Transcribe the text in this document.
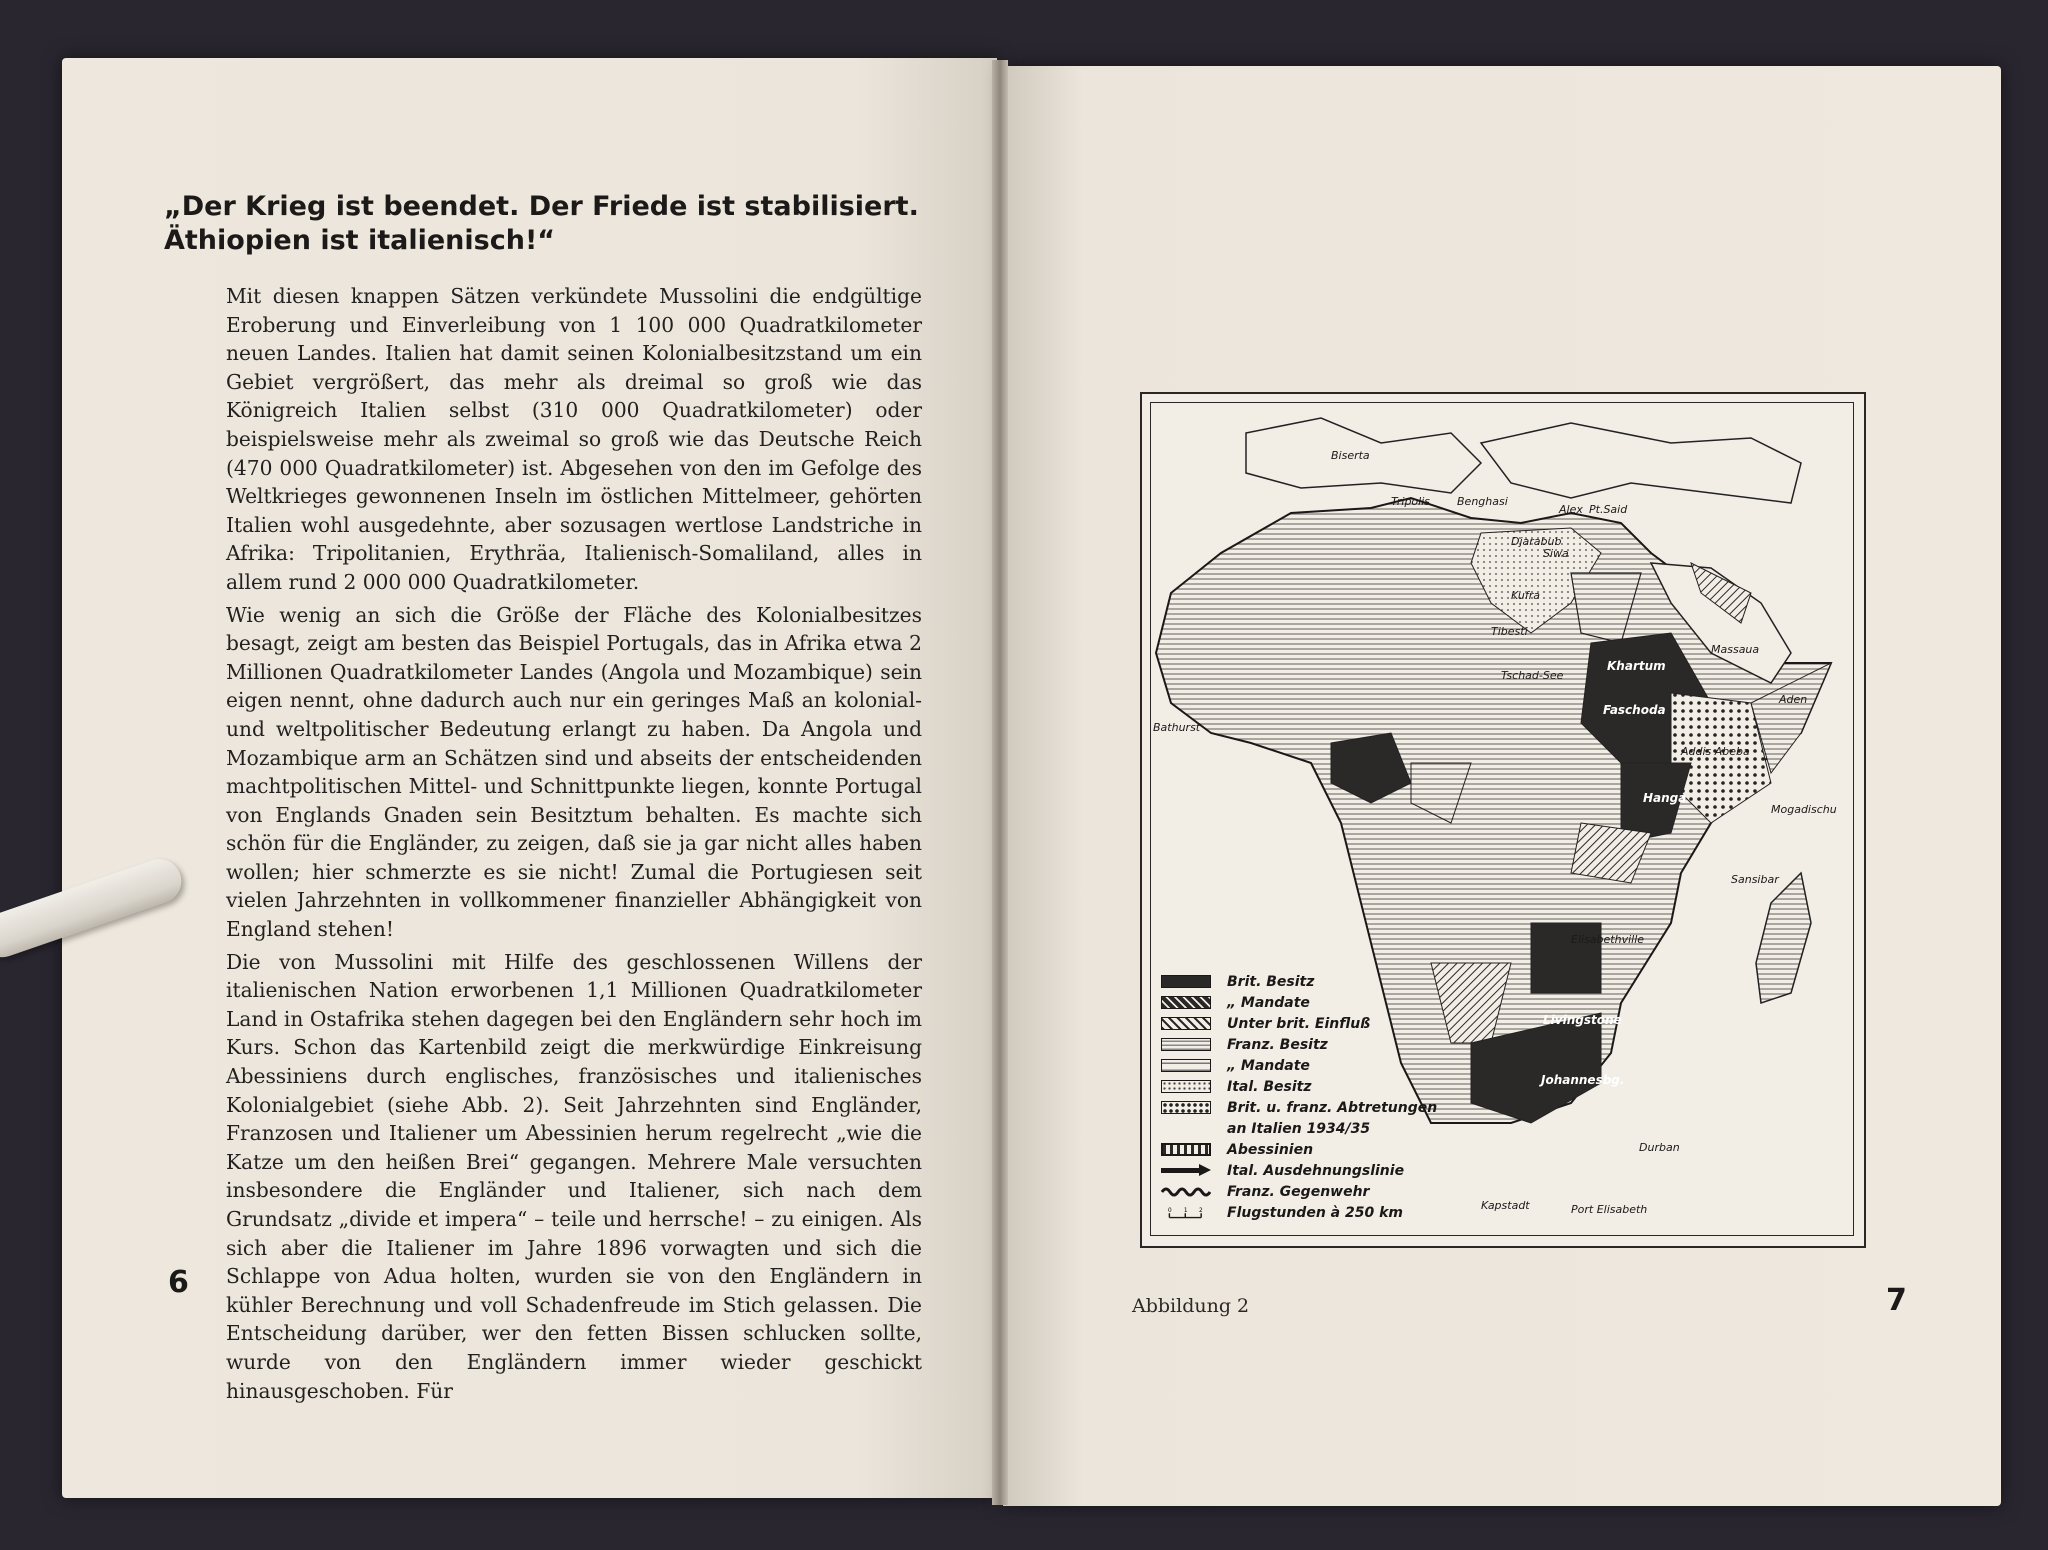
„Der Krieg ist beendet. Der Friede ist stabilisiert.
Äthiopien ist italienisch!“

Mit diesen knappen Sätzen verkündete Mussolini die endgültige Eroberung und Einverleibung von 1 100 000 Quadratkilometer neuen Landes. Italien hat damit seinen Kolonialbesitzstand um ein Gebiet vergrößert, das mehr als dreimal so groß wie das Königreich Italien selbst (310 000 Quadratkilometer) oder beispielsweise mehr als zweimal so groß wie das Deutsche Reich (470 000 Quadratkilometer) ist. Abgesehen von den im Gefolge des Weltkrieges gewonnenen Inseln im östlichen Mittelmeer, gehörten Italien wohl ausgedehnte, aber sozusagen wertlose Landstriche in Afrika: Tripolitanien, Erythräa, Italienisch-Somaliland, alles in allem rund 2 000 000 Quadratkilometer.

Wie wenig an sich die Größe der Fläche des Kolonialbesitzes besagt, zeigt am besten das Beispiel Portugals, das in Afrika etwa 2 Millionen Quadratkilometer Landes (Angola und Mozambique) sein eigen nennt, ohne dadurch auch nur ein geringes Maß an kolonial- und weltpolitischer Bedeutung erlangt zu haben. Da Angola und Mozambique arm an Schätzen sind und abseits der entscheidenden machtpolitischen Mittel- und Schnittpunkte liegen, konnte Portugal von Englands Gnaden sein Besitztum behalten. Es machte sich schön für die Engländer, zu zeigen, daß sie ja gar nicht alles haben wollen; hier schmerzte es sie nicht! Zumal die Portugiesen seit vielen Jahrzehnten in vollkommener finanzieller Abhängigkeit von England stehen!

Die von Mussolini mit Hilfe des geschlossenen Willens der italienischen Nation erworbenen 1,1 Millionen Quadratkilometer Land in Ostafrika stehen dagegen bei den Engländern sehr hoch im Kurs. Schon das Kartenbild zeigt die merkwürdige Einkreisung Abessiniens durch englisches, französisches und italienisches Kolonialgebiet (siehe Abb. 2). Seit Jahrzehnten sind Engländer, Franzosen und Italiener um Abessinien herum regelrecht „wie die Katze um den heißen Brei“ gegangen. Mehrere Male versuchten insbesondere die Engländer und Italiener, sich nach dem Grundsatz „divide et impera“ – teile und herrsche! – zu einigen. Als sich aber die Italiener im Jahre 1896 vorwagten und sich die Schlappe von Adua holten, wurden sie von den Engländern in kühler Berechnung und voll Schadenfreude im Stich gelassen. Die Entscheidung darüber, wer den fetten Bissen schlucken sollte, wurde von den Engländern immer wieder geschickt hinausgeschoben. Für

6
Biserta
Tripolis Benghasi
Alex Pt.Said
Djarabub
Siwa
Kufra
Tibesti
Tschad-See
Khartum
Massaua
Faschoda
Aden
Addis Abeba
Hanga
Mogadischu
Sansibar
Elisabethville
Livingstone
Johannesbg.
Durban
Kapstadt	Port Elisabeth
Bathurst
Brit. Besitz
„ Mandate
Unter brit. Einfluß
Franz. Besitz
„ Mandate
Ital. Besitz
Brit. u. franz. Abtretungen
an Italien 1934/35
Abessinien
Ital. Ausdehnungslinie
Franz. Gegenwehr
0 1 2 Flugstunden à 250 km
Abbildung 2	7
